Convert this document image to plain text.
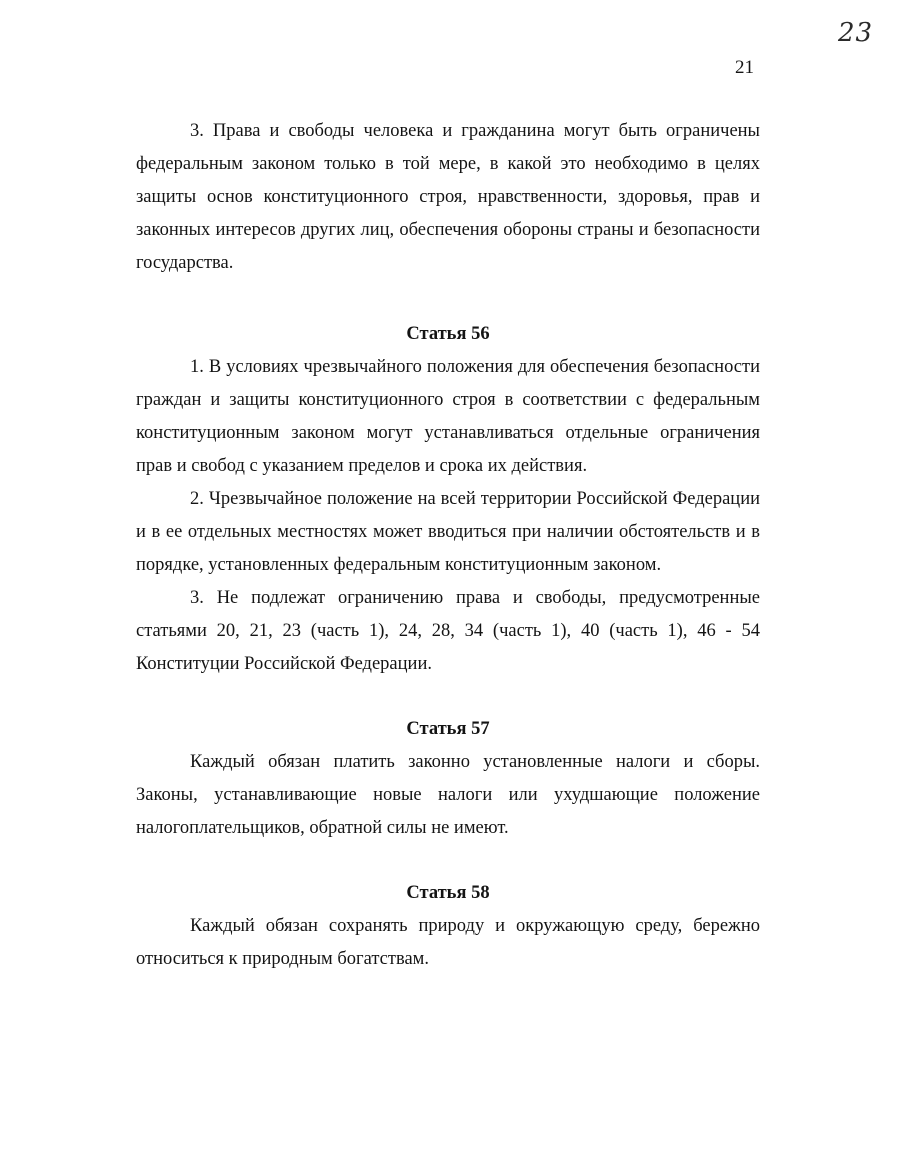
23
21

3. Права и свободы человека и гражданина могут быть ограничены федеральным законом только в той мере, в какой это необходимо в целях защиты основ конституционного строя, нравственности, здоровья, прав и законных интересов других лиц, обеспечения обороны страны и безопасности государства.

Статья 56

1. В условиях чрезвычайного положения для обеспечения безопасности граждан и защиты конституционного строя в соответствии с федеральным конституционным законом могут устанавливаться отдельные ограничения прав и свобод с указанием пределов и срока их действия.

2. Чрезвычайное положение на всей территории Российской Федерации и в ее отдельных местностях может вводиться при наличии обстоятельств и в порядке, установленных федеральным конституционным законом.

3. Не подлежат ограничению права и свободы, предусмотренные статьями 20, 21, 23 (часть 1), 24, 28, 34 (часть 1), 40 (часть 1), 46 - 54 Конституции Российской Федерации.

Статья 57

Каждый обязан платить законно установленные налоги и сборы. Законы, устанавливающие новые налоги или ухудшающие положение налогоплательщиков, обратной силы не имеют.

Статья 58

Каждый обязан сохранять природу и окружающую среду, бережно относиться к природным богатствам.
